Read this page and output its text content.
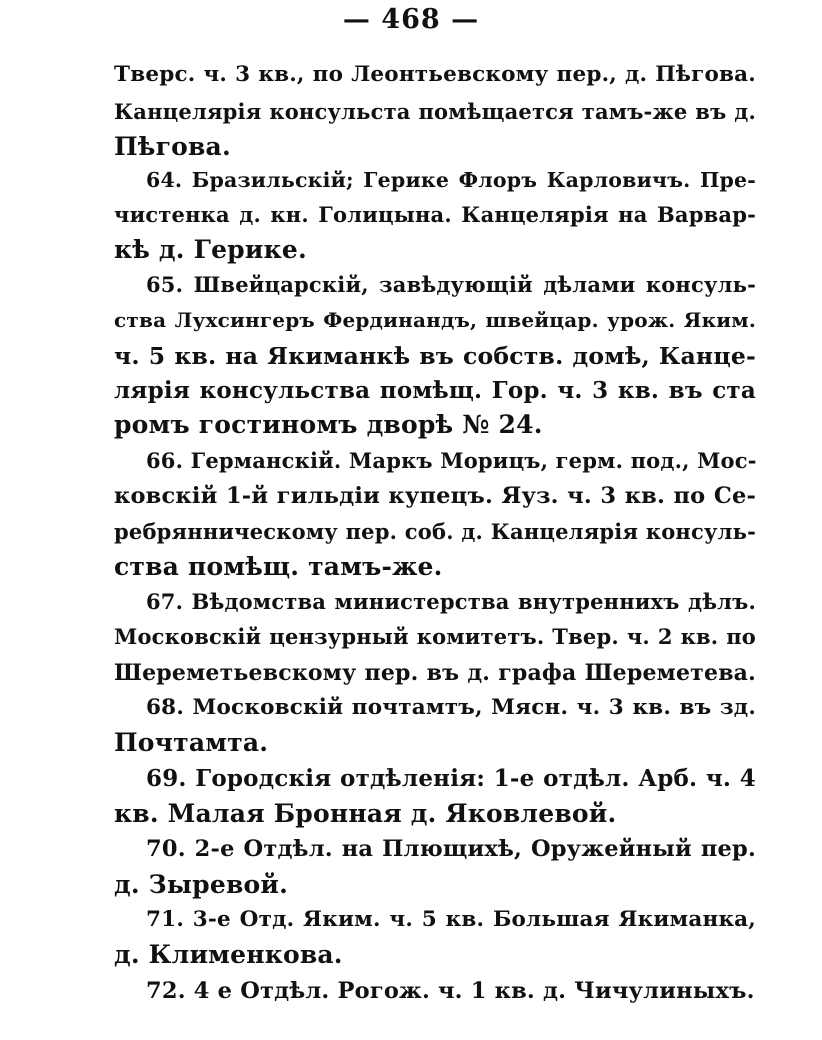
— 468 —
Тверс. ч. 3 кв., по Леонтьевскому пер., д. Пѣгова.
Канцелярія консульста помѣщается тамъ-же въ д.
Пѣгова.
64. Бразильскій; Герике Флоръ Карловичъ. Пре-
чистенка д. кн. Голицына. Канцелярія на Варвар-
кѣ д. Герике.
65. Швейцарскій, завѣдующій дѣлами консуль-
ства Лухсингеръ Фердинандъ, швейцар. урож. Яким.
ч. 5 кв. на Якиманкѣ въ собств. домѣ, Канце-
лярія консульства помѣщ. Гор. ч. 3 кв. въ ста
ромъ гостиномъ дворѣ № 24.
66. Германскій. Маркъ Морицъ, герм. под., Мос-
ковскій 1-й гильдіи купецъ. Яуз. ч. 3 кв. по Се-
ребрянническому пер. соб. д. Канцелярія консуль-
ства помѣщ. тамъ-же.
67. Вѣдомства министерства внутреннихъ дѣлъ.
Московскій цензурный комитетъ. Твер. ч. 2 кв. по
Шереметьевскому пер. въ д. графа Шереметева.
68. Московскій почтамтъ, Мясн. ч. 3 кв. въ зд.
Почтамта.
69. Городскія отдѣленія: 1-е отдѣл. Арб. ч. 4
кв. Малая Бронная д. Яковлевой.
70. 2-е Отдѣл. на Плющихѣ, Оружейный пер.
д. Зыревой.
71. 3-е Отд. Яким. ч. 5 кв. Большая Якиманка,
д. Клименкова.
72. 4 е Отдѣл. Рогож. ч. 1 кв. д. Чичулиныхъ.
